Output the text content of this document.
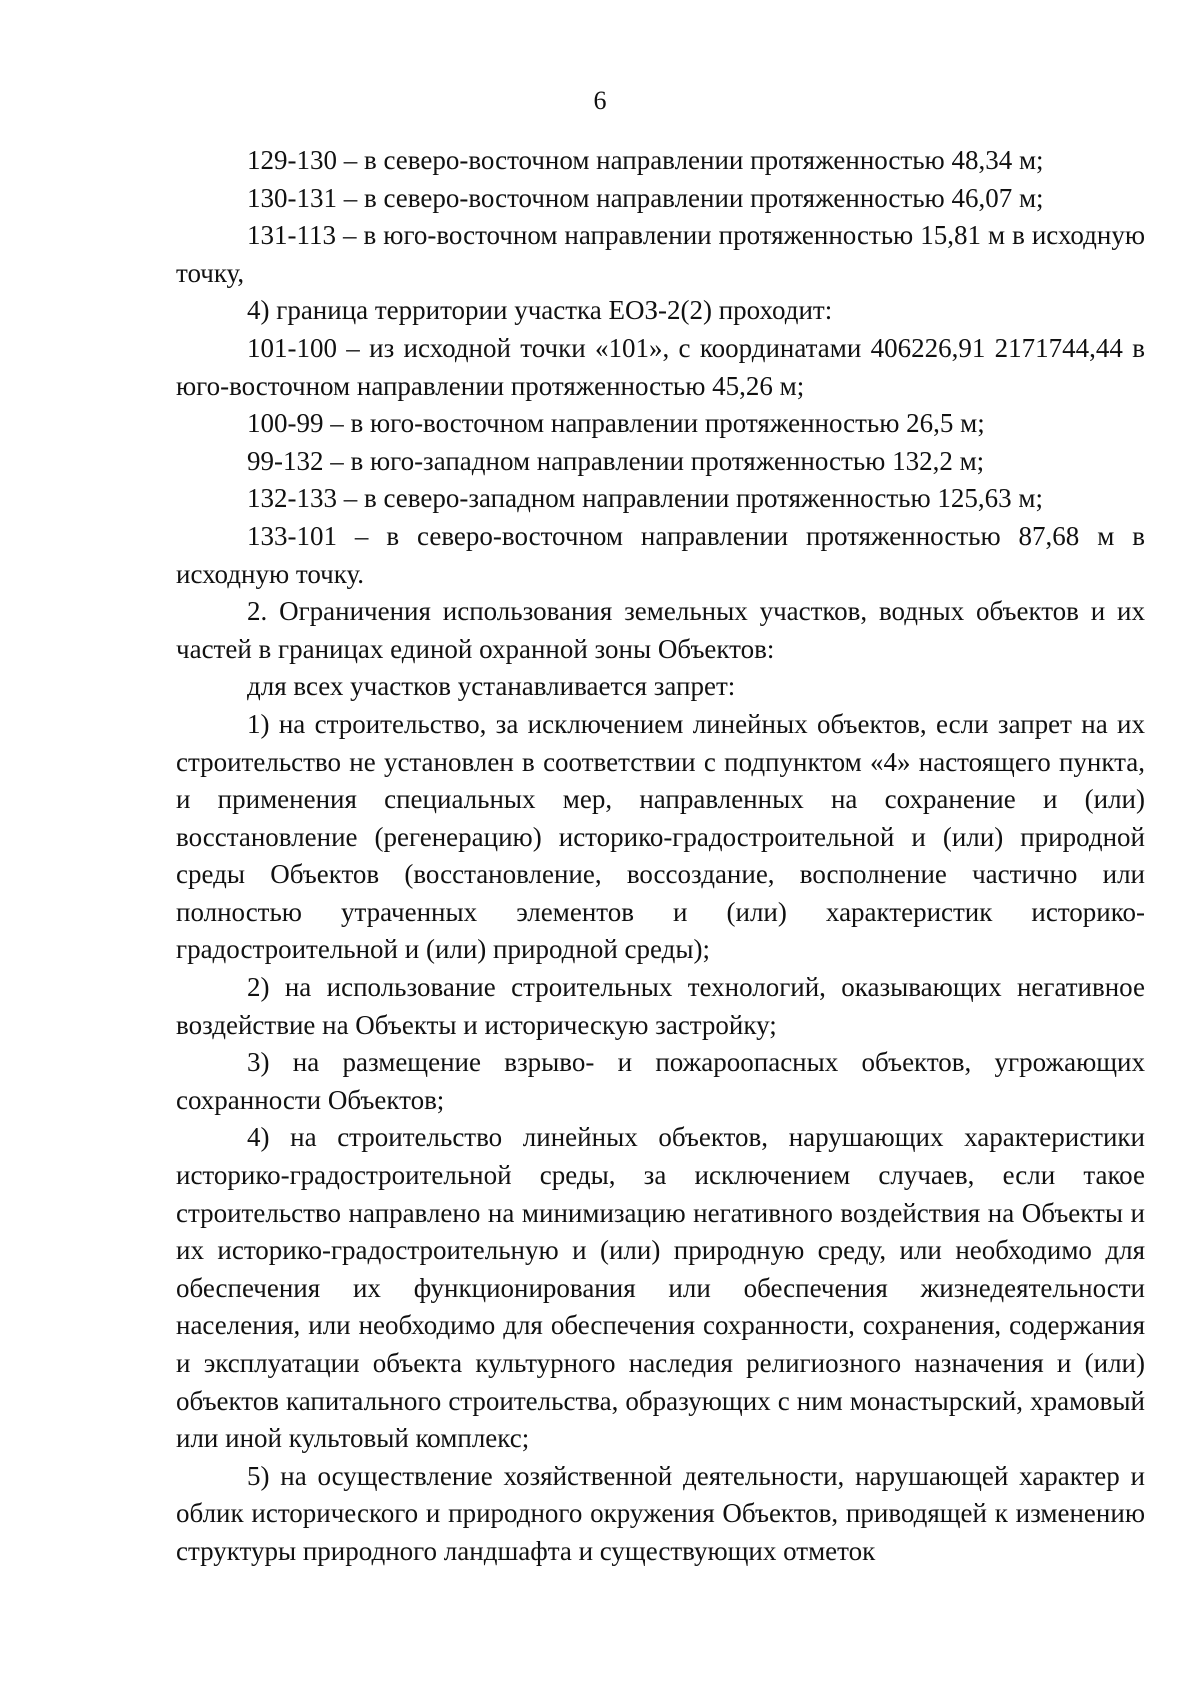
6

129-130 – в северо-восточном направлении протяженностью 48,34 м;

130-131 – в северо-восточном направлении протяженностью 46,07 м;

131-113 – в юго-восточном направлении протяженностью 15,81 м в исходную точку,

4) граница территории участка ЕОЗ-2(2) проходит:

101-100 – из исходной точки «101», с координатами 406226,91 2171744,44 в юго-восточном направлении протяженностью 45,26 м;

100-99 – в юго-восточном направлении протяженностью 26,5 м;

99-132 – в юго-западном направлении протяженностью 132,2 м;

132-133 – в северо-западном направлении протяженностью 125,63 м;

133-101 – в северо-восточном направлении протяженностью 87,68 м в исходную точку.

2. Ограничения использования земельных участков, водных объектов и их частей в границах единой охранной зоны Объектов:

для всех участков устанавливается запрет:

1) на строительство, за исключением линейных объектов, если запрет на их строительство не установлен в соответствии с подпунктом «4» настоящего пункта, и применения специальных мер, направленных на сохранение и (или) восстановление (регенерацию) историко-градостроительной и (или) природной среды Объектов (восстановление, воссоздание, восполнение частично или полностью утраченных элементов и (или) характеристик историко-градостроительной и (или) природной среды);

2) на использование строительных технологий, оказывающих негативное воздействие на Объекты и историческую застройку;

3) на размещение взрыво- и пожароопасных объектов, угрожающих сохранности Объектов;

4) на строительство линейных объектов, нарушающих характеристики историко-градостроительной среды, за исключением случаев, если такое строительство направлено на минимизацию негативного воздействия на Объекты и их историко-градостроительную и (или) природную среду, или необходимо для обеспечения их функционирования или обеспечения жизнедеятельности населения, или необходимо для обеспечения сохранности, сохранения, содержания и эксплуатации объекта культурного наследия религиозного назначения и (или) объектов капитального строительства, образующих с ним монастырский, храмовый или иной культовый комплекс;

5) на осуществление хозяйственной деятельности, нарушающей характер и облик исторического и природного окружения Объектов, приводящей к изменению структуры природного ландшафта и существующих отметок
